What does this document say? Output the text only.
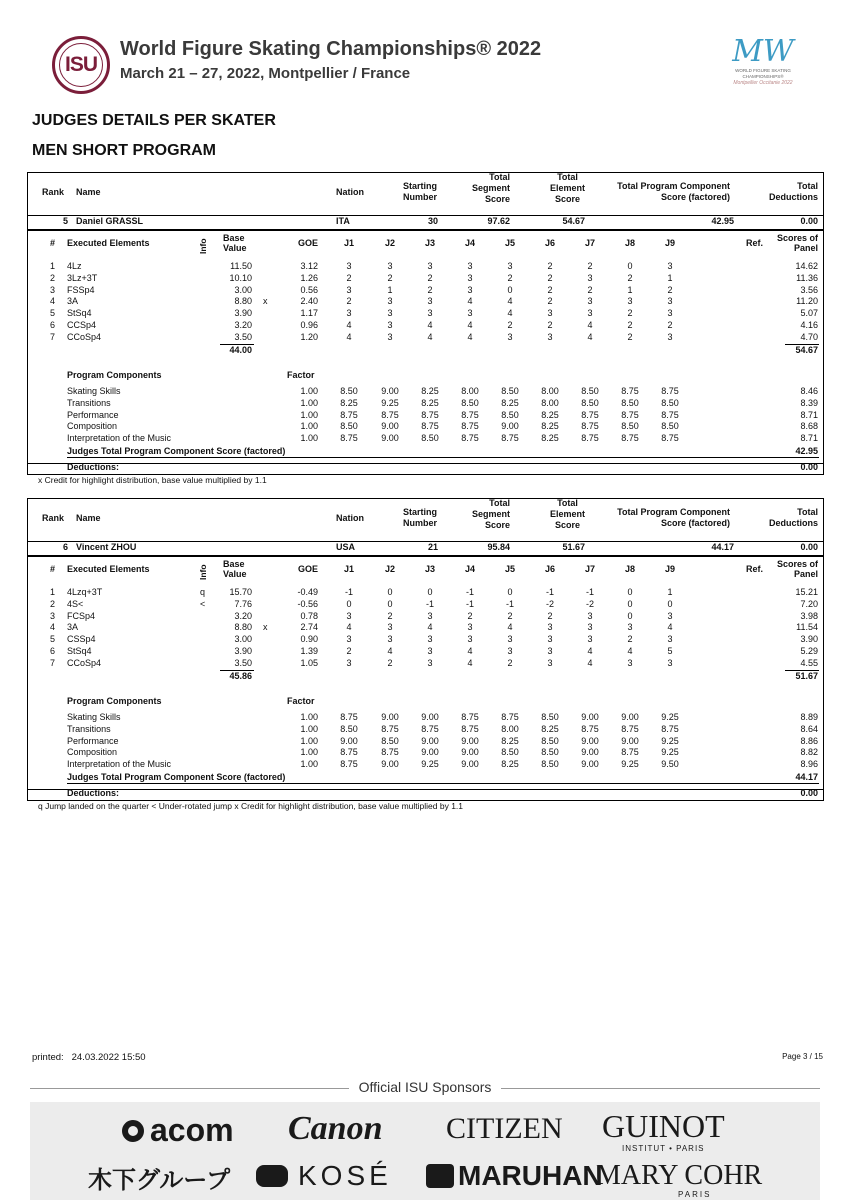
ISU
World Figure Skating Championships® 2022
March 21 – 27, 2022, Montpellier / France
MW
WORLD FIGURE SKATING CHAMPIONSHIPS®
Montpellier Occitanie 2022
JUDGES DETAILS PER SKATER
MEN SHORT PROGRAM
Rank Name	Nation
Starting
Number
Total
Segment
Score
Total
Element
Score
Total Program Component
Score (factored)
Total
Deductions
5 Daniel GRASSL	ITA	30	97.62	54.67	42.95	0.00
# Executed Elements	Info
Base
Value	GOE	J1	J2	J3	J4	J5	J6	J7	J8	J9	Ref.	Scores of
Panel
1 4Lz	11.50	3.12	3	3	3	3	3	2	2	0	3	14.62
2 3Lz+3T	10.10	1.26	2	2	2	3	2	2	3	2	1	11.36
3 FSSp4	3.00	0.56	3	1	2	3	0	2	2	1	2	3.56
4 3A	8.80 x	2.40	2	3	3	4	4	2	3	3	3	11.20
5 StSq4	3.90	1.17	3	3	3	3	4	3	3	2	3	5.07
6 CCSp4	3.20	0.96	4	3	4	4	2	2	4	2	2	4.16
7 CCoSp4	3.50	1.20	4	3	4	4	3	3	4	2	3	4.70
44.00	54.67
Program Components	Factor
Skating Skills	1.00	8.50	9.00	8.25	8.00	8.50	8.00	8.50	8.75	8.75	8.46
Transitions	1.00	8.25	9.25	8.25	8.50	8.25	8.00	8.50	8.50	8.50	8.39
Performance	1.00	8.75	8.75	8.75	8.75	8.50	8.25	8.75	8.75	8.75	8.71
Composition	1.00	8.50	9.00	8.75	8.75	9.00	8.25	8.75	8.50	8.50	8.68
Interpretation of the Music	1.00	8.75	9.00	8.50	8.75	8.75	8.25	8.75	8.75	8.75	8.71
Judges Total Program Component Score (factored)	42.95
Deductions:	0.00
x Credit for highlight distribution, base value multiplied by 1.1
Rank Name	Nation
Starting
Number
Total
Segment
Score
Total
Element
Score
Total Program Component
Score (factored)
Total
Deductions
6 Vincent ZHOU	USA	21	95.84	51.67	44.17	0.00
# Executed Elements	Info
Base
Value	GOE	J1	J2	J3	J4	J5	J6	J7	J8	J9	Ref.	Scores of
Panel
1 4Lzq+3T	q	15.70	-0.49	-1	0	0	-1	0	-1	-1	0	1	15.21
2 4S<	<	7.76	-0.56	0	0	-1	-1	-1	-2	-2	0	0	7.20
3 FCSp4	3.20	0.78	3	2	3	2	2	2	3	0	3	3.98
4 3A	8.80 x	2.74	4	3	4	3	4	3	3	3	4	11.54
5 CSSp4	3.00	0.90	3	3	3	3	3	3	3	2	3	3.90
6 StSq4	3.90	1.39	2	4	3	4	3	3	4	4	5	5.29
7 CCoSp4	3.50	1.05	3	2	3	4	2	3	4	3	3	4.55
45.86	51.67
Program Components	Factor
Skating Skills	1.00	8.75	9.00	9.00	8.75	8.75	8.50	9.00	9.00	9.25	8.89
Transitions	1.00	8.50	8.75	8.75	8.75	8.00	8.25	8.75	8.75	8.75	8.64
Performance	1.00	9.00	8.50	9.00	9.00	8.25	8.50	9.00	9.00	9.25	8.86
Composition	1.00	8.75	8.75	9.00	9.00	8.50	8.50	9.00	8.75	9.25	8.82
Interpretation of the Music	1.00	8.75	9.00	9.25	9.00	8.25	8.50	9.00	9.25	9.50	8.96
Judges Total Program Component Score (factored)	44.17
Deductions:	0.00
q Jump landed on the quarter < Under-rotated jump x Credit for highlight distribution, base value multiplied by 1.1
printed: 24.03.2022 15:50	Page 3 / 15
Official ISU Sponsors
acom Canon CITIZEN GUINOT
INSTITUT • PARIS
木下グループ	KOSÉ	MARUHAN
MARY COHR
PARIS
